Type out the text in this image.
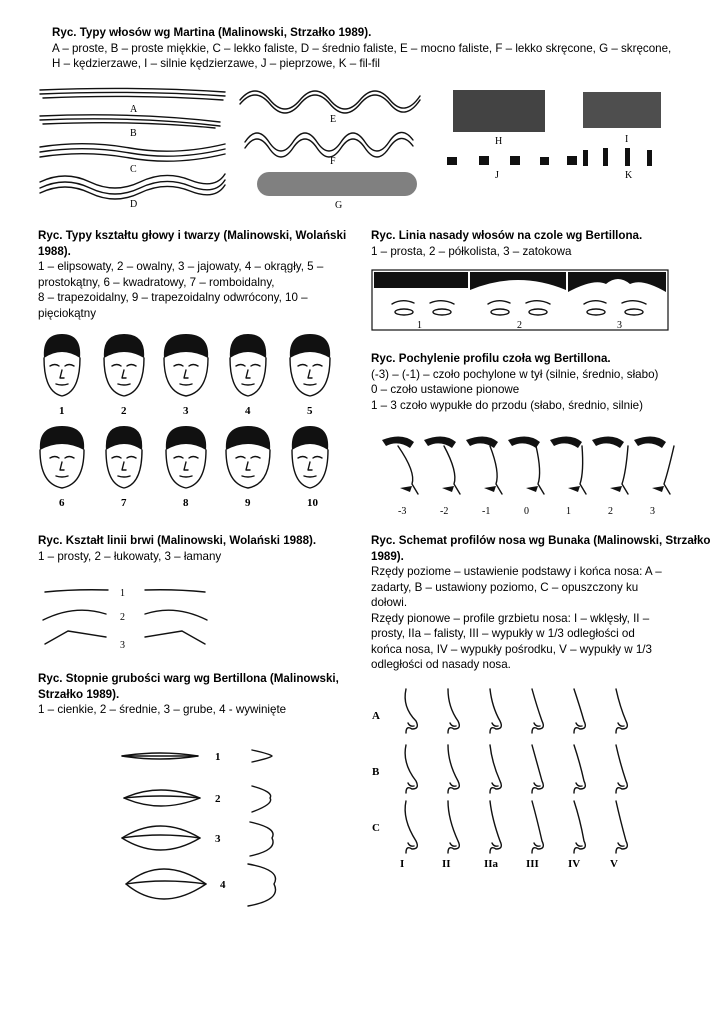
Ryc. Typy włosów wg Martina (Malinowski, Strzałko 1989).
A – proste, B – proste miękkie, C – lekko faliste, D – średnio faliste, E – mocno faliste, F – lekko skręcone, G – skręcone,
H – kędzierzawe, I – silnie kędzierzawe, J – pieprzowe, K – fil-fil
A
B
C
D
E
F
G
H	I
J	K
Ryc. Typy kształtu głowy i twarzy (Malinowski, Wolański 1988).
1 – elipsowaty, 2 – owalny, 3 – jajowaty, 4 – okrągły, 5 –
prostokątny, 6 – kwadratowy, 7 – romboidalny,
8 – trapezoidalny, 9 – trapezoidalny odwrócony, 10 –
pięciokątny
1	2	3	4	5
6	7	8	9	10
Ryc. Linia nasady włosów na czole wg Bertillona.
1 – prosta, 2 – półkolista, 3 – zatokowa
1	2	3
Ryc. Pochylenie profilu czoła wg Bertillona.
(-3) – (-1) – czoło pochylone w tył (silnie, średnio, słabo)
0 – czoło ustawione pionowe
1 – 3 czoło wypukłe do przodu (słabo, średnio, silnie)
-3	-2	-1	0	1	2	3
Ryc. Kształt linii brwi (Malinowski, Wolański 1988).
1 – prosty, 2 – łukowaty, 3 – łamany
1
2
3
Ryc. Schemat profilów nosa wg Bunaka (Malinowski, Strzałko 1989).
Rzędy poziome – ustawienie podstawy i końca nosa: A –
zadarty, B – ustawiony poziomo, C – opuszczony ku
dołowi.
Rzędy pionowe – profile grzbietu nosa: I – wklęsły, II –
prosty, IIa – falisty, III – wypukły w 1/3 odległości od
końca nosa, IV – wypukły pośrodku, V – wypukły w 1/3
odległości od nasady nosa.
A
B
C
I	II	IIa	III	IV	V
Ryc. Stopnie grubości warg wg Bertillona (Malinowski, Strzałko 1989).
1 – cienkie, 2 – średnie, 3 – grube, 4 - wywinięte
1
2
3
4
